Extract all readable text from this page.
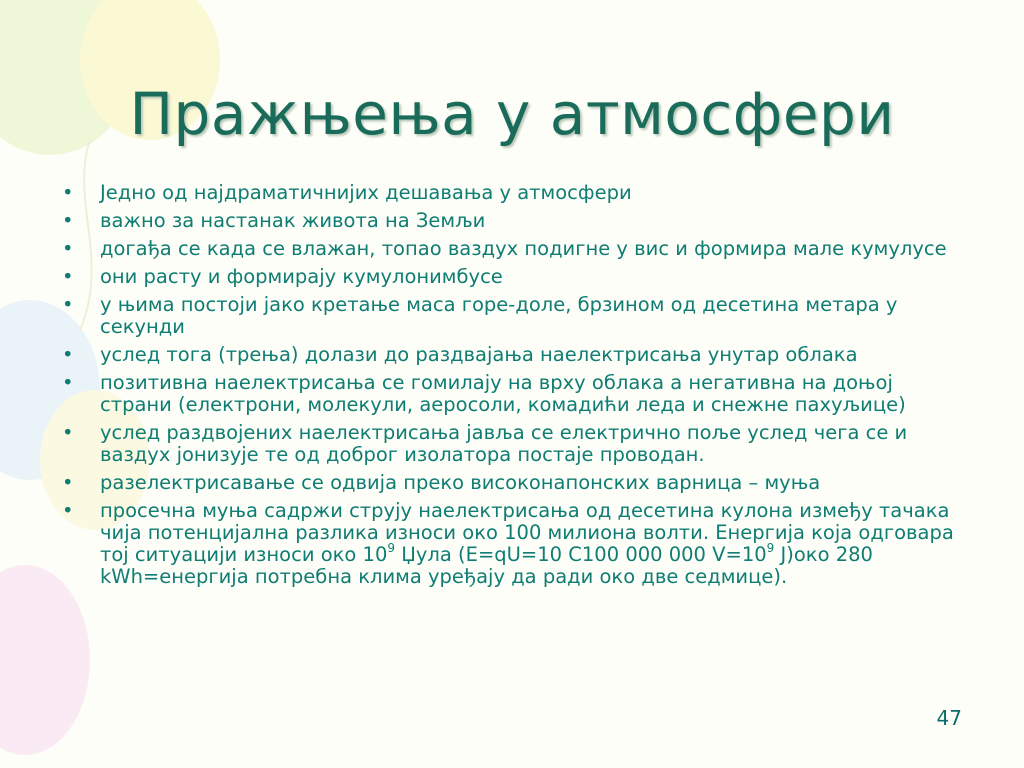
Пражњења у атмосфери
• Једно од најдраматичнијих дешавања у атмосфери
• важно за настанак живота на Земљи
• догађа се када се влажан, топао ваздух подигне у вис и формира мале кумулусе
• они расту и формирају кумулонимбусе
• у њима постоји јако кретање маса горе-доле, брзином од десетина метара у секунди
• услед тога (трења) долази до раздвајања наелектрисања унутар облака
• позитивна наелектрисања се гомилају на врху облака а негативна на доњој страни (електрони, молекули, аеросоли, комадићи леда и снежне пахуљице)
• услед раздвојених наелектрисања јавља се електрично поље услед чега се и ваздух јонизује те од доброг изолатора постаје проводан.
• разелектрисавање се одвија преко високонапонских варница – муња
• просечна муња садржи струју наелектрисања од десетина кулона између тачака чија потенцијална разлика износи око 100 милиона волти. Енергија која одговара тој ситуацији износи око $10^9$ Џула (E=qU=10 C100 000 000 $V=10^9$ J)око 280 kWh=енергија потребна клима уређају да ради око две седмице).
47
